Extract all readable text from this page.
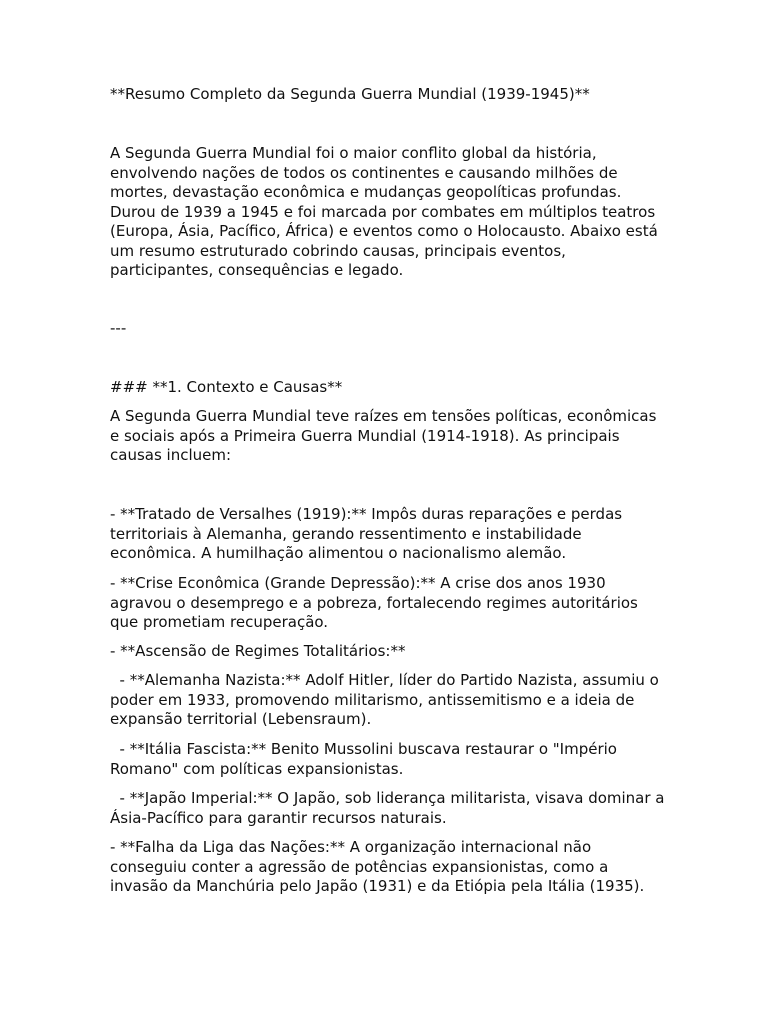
**Resumo Completo da Segunda Guerra Mundial (1939-1945)**

A Segunda Guerra Mundial foi o maior conflito global da história, envolvendo nações de todos os continentes e causando milhões de mortes, devastação econômica e mudanças geopolíticas profundas. Durou de 1939 a 1945 e foi marcada por combates em múltiplos teatros (Europa, Ásia, Pacífico, África) e eventos como o Holocausto. Abaixo está um resumo estruturado cobrindo causas, principais eventos, participantes, consequências e legado.

---

### **1. Contexto e Causas**

A Segunda Guerra Mundial teve raízes em tensões políticas, econômicas e sociais após a Primeira Guerra Mundial (1914-1918). As principais causas incluem:

- **Tratado de Versalhes (1919):** Impôs duras reparações e perdas territoriais à Alemanha, gerando ressentimento e instabilidade econômica. A humilhação alimentou o nacionalismo alemão.

- **Crise Econômica (Grande Depressão):** A crise dos anos 1930 agravou o desemprego e a pobreza, fortalecendo regimes autoritários que prometiam recuperação.

- **Ascensão de Regimes Totalitários:**

- **Alemanha Nazista:** Adolf Hitler, líder do Partido Nazista, assumiu o poder em 1933, promovendo militarismo, antissemitismo e a ideia de expansão territorial (Lebensraum).

- **Itália Fascista:** Benito Mussolini buscava restaurar o "Império Romano" com políticas expansionistas.

- **Japão Imperial:** O Japão, sob liderança militarista, visava dominar a Ásia-Pacífico para garantir recursos naturais.

- **Falha da Liga das Nações:** A organização internacional não conseguiu conter a agressão de potências expansionistas, como a invasão da Manchúria pelo Japão (1931) e da Etiópia pela Itália (1935).
